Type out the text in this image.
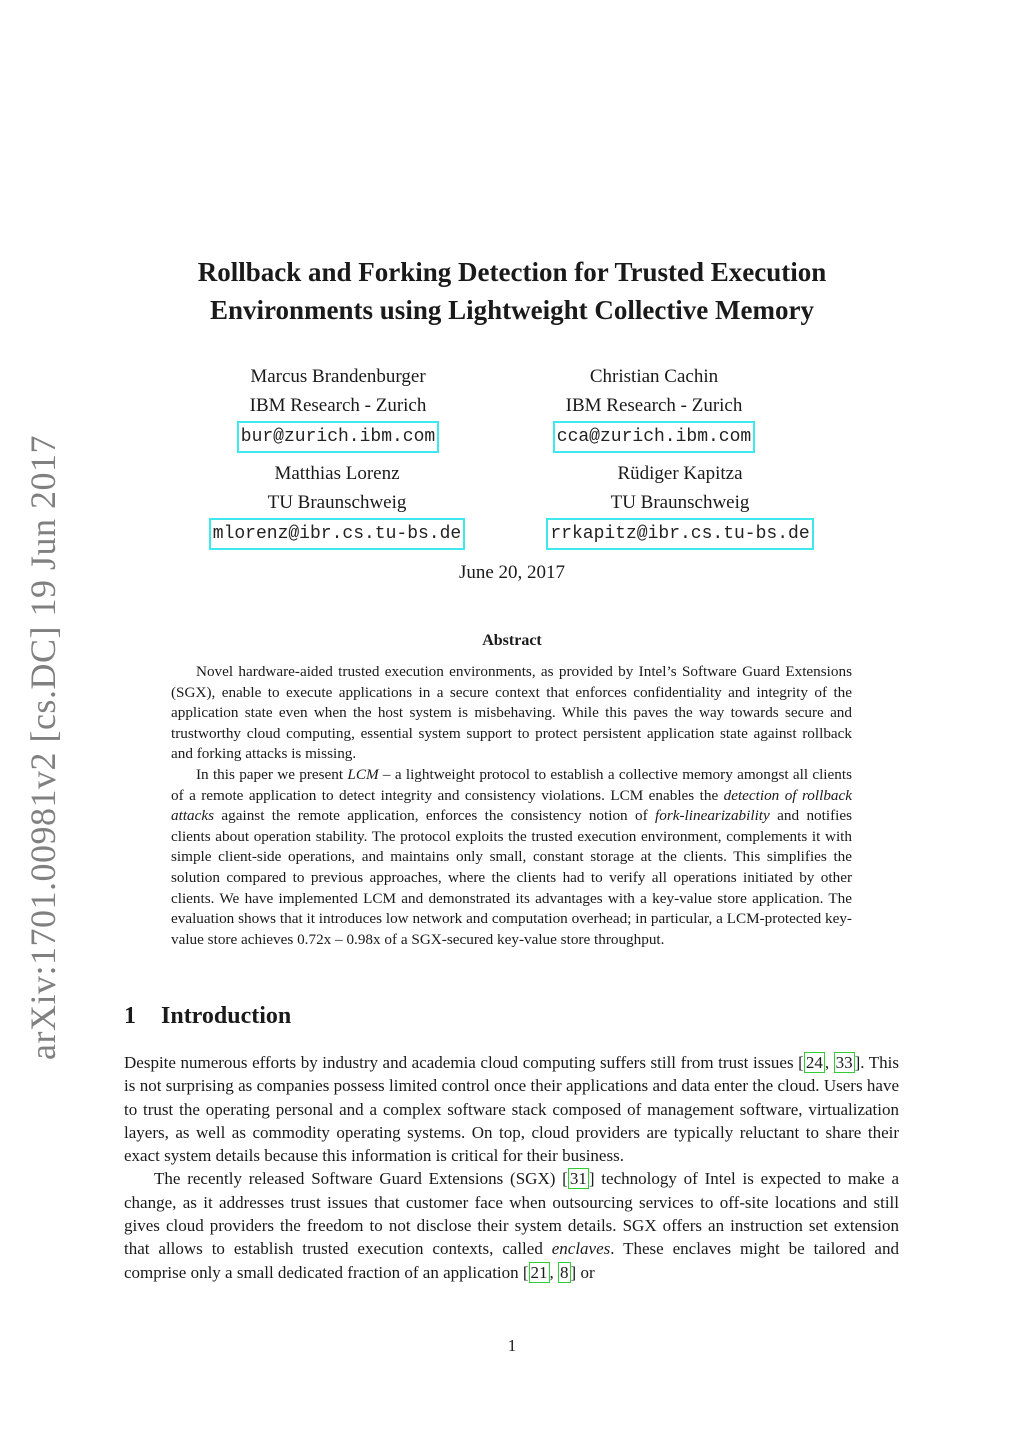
arXiv:1701.00981v2 [cs.DC] 19 Jun 2017
Rollback and Forking Detection for Trusted Execution
Environments using Lightweight Collective Memory
Marcus Brandenburger
IBM Research - Zurich
bur@zurich.ibm.com
Christian Cachin
IBM Research - Zurich
cca@zurich.ibm.com
Matthias Lorenz
TU Braunschweig
mlorenz@ibr.cs.tu-bs.de
Rüdiger Kapitza
TU Braunschweig
rrkapitz@ibr.cs.tu-bs.de
June 20, 2017
Abstract

Novel hardware-aided trusted execution environments, as provided by Intel’s Software Guard Extensions (SGX), enable to execute applications in a secure context that enforces confidentiality and integrity of the application state even when the host system is misbehaving. While this paves the way towards secure and trustworthy cloud computing, essential system support to protect persistent application state against rollback and forking attacks is missing.

In this paper we present LCM – a lightweight protocol to establish a collective memory amongst all clients of a remote application to detect integrity and consistency violations. LCM enables the detection of rollback attacks against the remote application, enforces the consistency notion of fork-linearizability and notifies clients about operation stability. The protocol exploits the trusted execution environment, complements it with simple client-side operations, and maintains only small, constant storage at the clients. This simplifies the solution compared to previous approaches, where the clients had to verify all operations initiated by other clients. We have implemented LCM and demonstrated its advantages with a key-value store application. The evaluation shows that it introduces low network and computation overhead; in particular, a LCM-protected key-value store achieves 0.72x – 0.98x of a SGX-secured key-value store throughput.

1 Introduction

Despite numerous efforts by industry and academia cloud computing suffers still from trust issues [ 24 , 33 ]. This is not surprising as companies possess limited control once their applications and data enter the cloud. Users have to trust the operating personal and a complex software stack composed of management software, virtualization layers, as well as commodity operating systems. On top, cloud providers are typically reluctant to share their exact system details because this information is critical for their business.

The recently released Software Guard Extensions (SGX) [ 31 ] technology of Intel is expected to make a change, as it addresses trust issues that customer face when outsourcing services to off-site locations and still gives cloud providers the freedom to not disclose their system details. SGX offers an instruction set extension that allows to establish trusted execution contexts, called enclaves. These enclaves might be tailored and comprise only a small dedicated fraction of an application [ 21 , 8 ] or

1
